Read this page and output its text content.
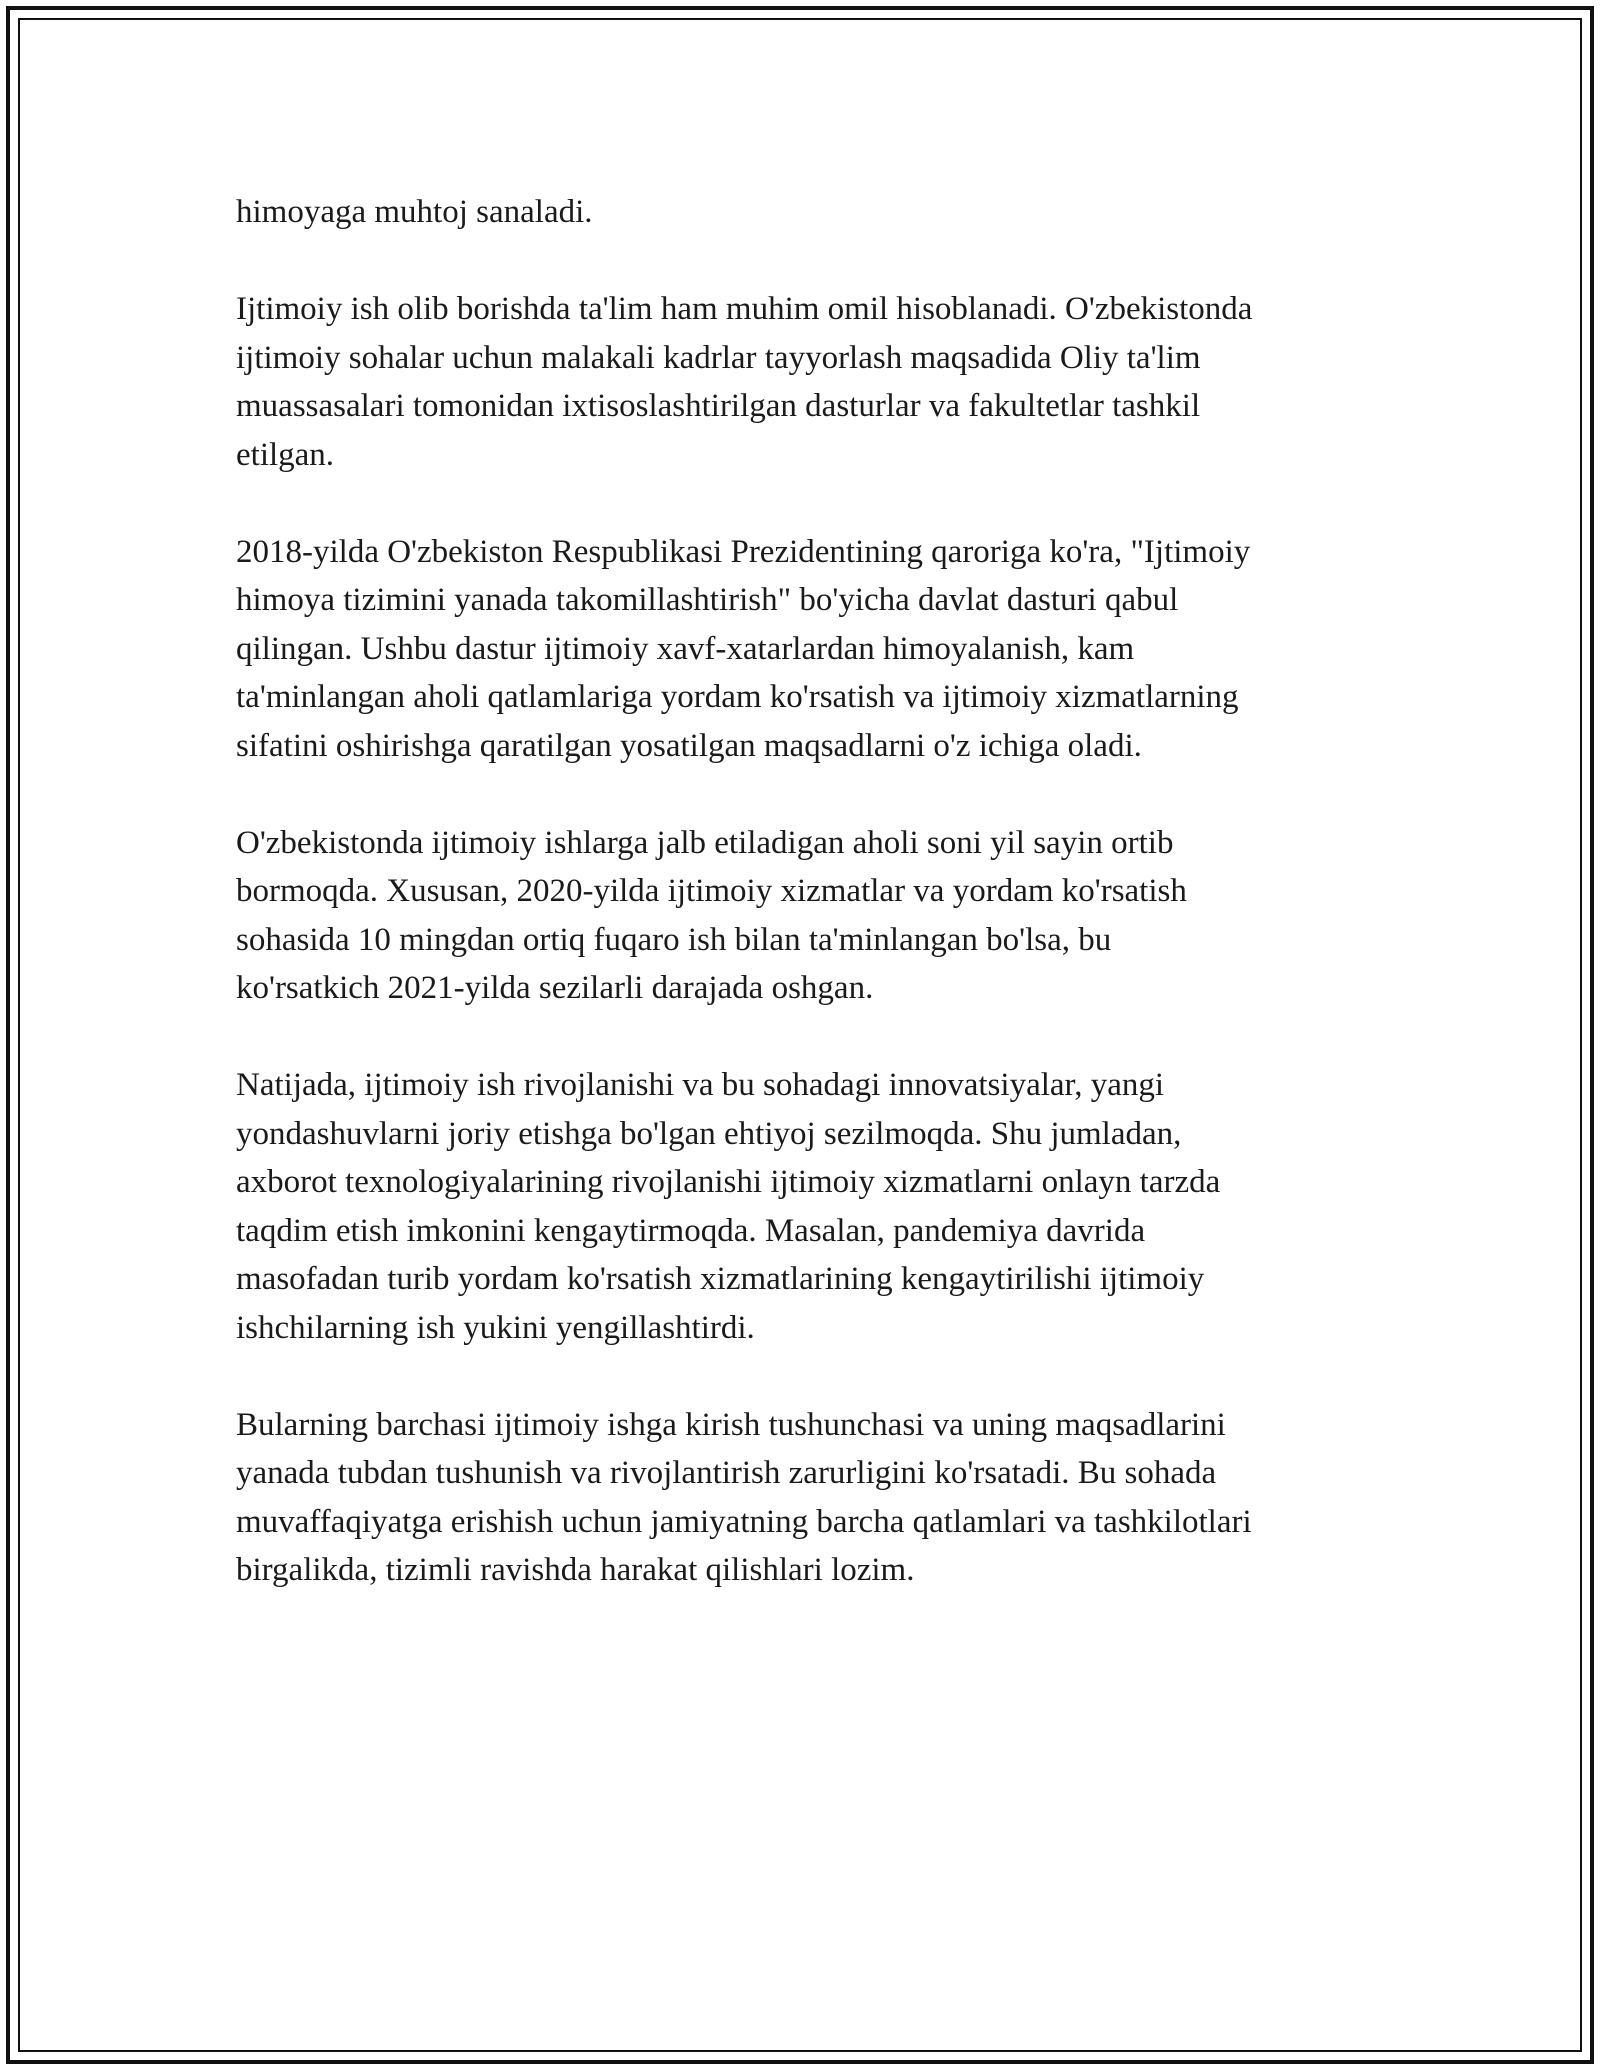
himoyaga muhtoj sanaladi.

Ijtimoiy ish olib borishda ta'lim ham muhim omil hisoblanadi. O'zbekistonda
ijtimoiy sohalar uchun malakali kadrlar tayyorlash maqsadida Oliy ta'lim
muassasalari tomonidan ixtisoslashtirilgan dasturlar va fakultetlar tashkil
etilgan.

2018-yilda O'zbekiston Respublikasi Prezidentining qaroriga ko'ra, "Ijtimoiy
himoya tizimini yanada takomillashtirish" bo'yicha davlat dasturi qabul
qilingan. Ushbu dastur ijtimoiy xavf-xatarlardan himoyalanish, kam
ta'minlangan aholi qatlamlariga yordam ko'rsatish va ijtimoiy xizmatlarning
sifatini oshirishga qaratilgan yosatilgan maqsadlarni o'z ichiga oladi.

O'zbekistonda ijtimoiy ishlarga jalb etiladigan aholi soni yil sayin ortib
bormoqda. Xususan, 2020-yilda ijtimoiy xizmatlar va yordam ko'rsatish
sohasida 10 mingdan ortiq fuqaro ish bilan ta'minlangan bo'lsa, bu
ko'rsatkich 2021-yilda sezilarli darajada oshgan.

Natijada, ijtimoiy ish rivojlanishi va bu sohadagi innovatsiyalar, yangi
yondashuvlarni joriy etishga bo'lgan ehtiyoj sezilmoqda. Shu jumladan,
axborot texnologiyalarining rivojlanishi ijtimoiy xizmatlarni onlayn tarzda
taqdim etish imkonini kengaytirmoqda. Masalan, pandemiya davrida
masofadan turib yordam ko'rsatish xizmatlarining kengaytirilishi ijtimoiy
ishchilarning ish yukini yengillashtirdi.

Bularning barchasi ijtimoiy ishga kirish tushunchasi va uning maqsadlarini
yanada tubdan tushunish va rivojlantirish zarurligini ko'rsatadi. Bu sohada
muvaffaqiyatga erishish uchun jamiyatning barcha qatlamlari va tashkilotlari
birgalikda, tizimli ravishda harakat qilishlari lozim.
